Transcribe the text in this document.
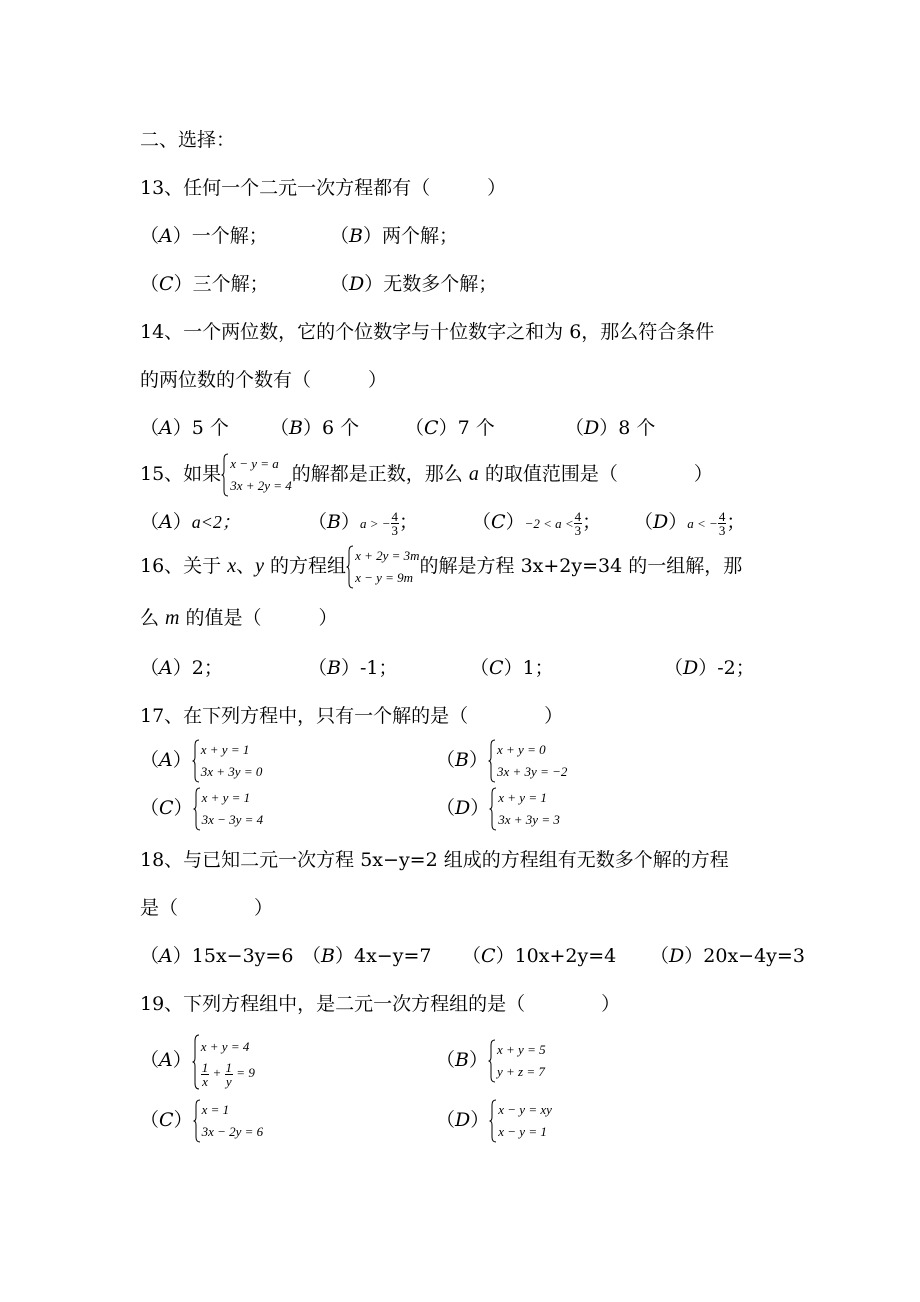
二、选择：
13、任何一个二元一次方程都有（　　　）
（A）一个解；	（B）两个解；
（C）三个解；	（D）无数多个解；
14、一个两位数，它的个位数字与十位数字之和为 6，那么符合条件
的两位数的个数有（　　　）
（A）5 个 （B）6 个 （C）7 个	（D）8 个
15、如果 x − y = a
3x + 2y = 4
的解都是正数，那么 a 的取值范围是（　　　　）
（A）a<2；	（B）a > − $\frac{4}{3}$ ；	$(C)-2 < a < \frac{4}{3}$ ； （D）a < − $\frac{4}{3}$ ；
16、关于 x、y 的方程组 x + 2y = 3m
x − y = 9m
的解是方程 3x+2y=34 的一组解，那
么 m 的值是（　　　）
（A）2；	（B）-1；	（C）1；	（D）-2；
17、在下列方程中，只有一个解的是（　　　　）
（A） x + y = 1
3x + 3y = 0
（B） x + y = 0
3x + 3y = −2
（C） x + y = 1
3x − 3y = 4
（D） x + y = 1
3x + 3y = 3
18、与已知二元一次方程 5x−y=2 组成的方程组有无数多个解的方程
是（　　　　）
（A）15x−3y=6 （B）4x−y=7 （C）10x+2y=4 （D）20x−4y=3
19、下列方程组中，是二元一次方程组的是（　　　　）
（A）
x + y = 4
$\frac{1}{x} + \frac{1}{y} = 9$
（B） x + y = 5
y + z = 7
（C） x = 1
3x − 2y = 6
（D） x − y = xy
x − y = 1
